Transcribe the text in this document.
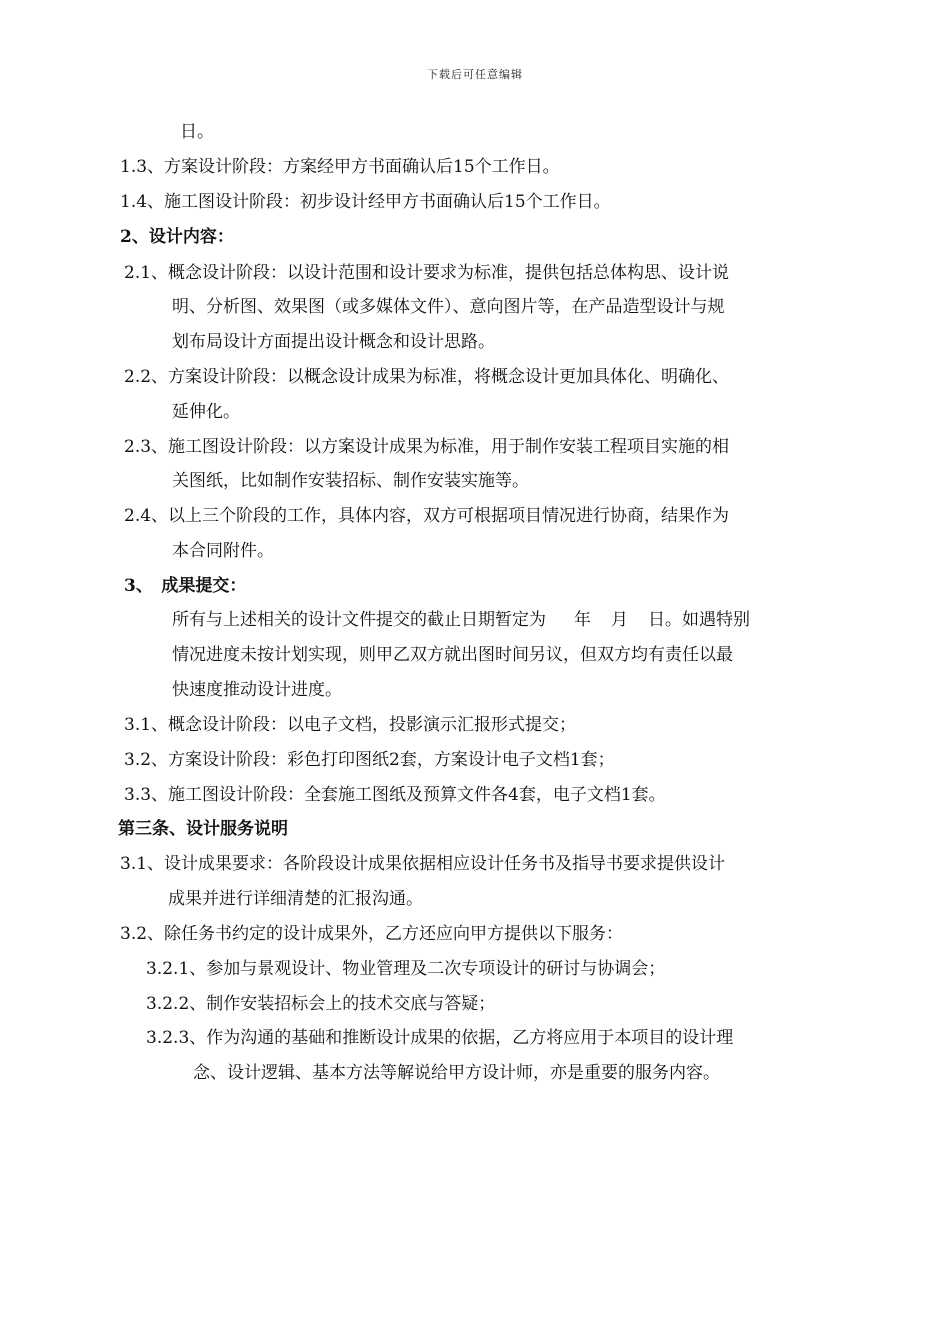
下载后可任意编辑
日。
1.3、方案设计阶段：方案经甲方书面确认后15个工作日。
1.4、施工图设计阶段：初步设计经甲方书面确认后15个工作日。
2、设计内容：
2.1、概念设计阶段：以设计范围和设计要求为标准，提供包括总体构思、设计说
明、分析图、效果图（或多媒体文件）、意向图片等，在产品造型设计与规
划布局设计方面提出设计概念和设计思路。
2.2、方案设计阶段：以概念设计成果为标准，将概念设计更加具体化、明确化、
延伸化。
2.3、施工图设计阶段：以方案设计成果为标准，用于制作安装工程项目实施的相
关图纸，比如制作安装招标、制作安装实施等。
2.4、以上三个阶段的工作，具体内容，双方可根据项目情况进行协商，结果作为
本合同附件。
3、　成果提交：
所有与上述相关的设计文件提交的截止日期暂定为 年 月 日。如遇特别
情况进度未按计划实现，则甲乙双方就出图时间另议，但双方均有责任以最
快速度推动设计进度。
3.1、概念设计阶段：以电子文档，投影演示汇报形式提交；
3.2、方案设计阶段：彩色打印图纸2套，方案设计电子文档1套；
3.3、施工图设计阶段：全套施工图纸及预算文件各4套，电子文档1套。
第三条、设计服务说明
3.1、设计成果要求：各阶段设计成果依据相应设计任务书及指导书要求提供设计
成果并进行详细清楚的汇报沟通。
3.2、除任务书约定的设计成果外，乙方还应向甲方提供以下服务：
3.2.1、参加与景观设计、物业管理及二次专项设计的研讨与协调会；
3.2.2、制作安装招标会上的技术交底与答疑；
3.2.3、作为沟通的基础和推断设计成果的依据，乙方将应用于本项目的设计理
念、设计逻辑、基本方法等解说给甲方设计师，亦是重要的服务内容。
